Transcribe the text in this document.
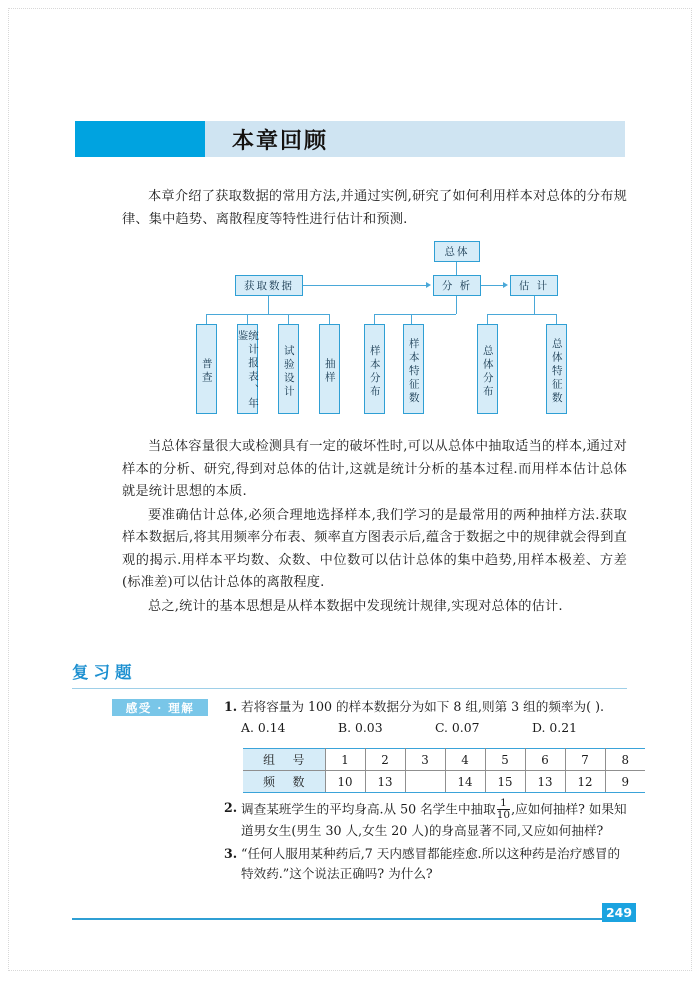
本章回顾

本章介绍了获取数据的常用方法,并通过实例,研究了如何利用样本对总体的分布规律、集中趋势、离散程度等特性进行估计和预测.

总体
获取数据	分 析	估 计
普查	统计报表、年鉴
试验设计	抽样	样本分布	样本特征数	总体分布	总体特征数

当总体容量很大或检测具有一定的破坏性时,可以从总体中抽取适当的样本,通过对样本的分析、研究,得到对总体的估计,这就是统计分析的基本过程.而用样本估计总体就是统计思想的本质.

要准确估计总体,必须合理地选择样本,我们学习的是最常用的两种抽样方法.获取样本数据后,将其用频率分布表、频率直方图表示后,蕴含于数据之中的规律就会得到直观的揭示.用样本平均数、众数、中位数可以估计总体的集中趋势,用样本极差、方差(标准差)可以估计总体的离散程度.

总之,统计的基本思想是从样本数据中发现统计规律,实现对总体的估计.

复习题
感受 · 理解	1. 若将容量为 100 的样本数据分为如下 8 组,则第 3 组的频率为( ).
A. 0.14	B. 0.03	C. 0.07	D. 0.21
2. 调查某班学生的平均身高.从 50 名学生中抽取 $\frac{1}{10}$ ,应如何抽样? 如果知道男女生(男生 30 人,女生 20 人)的身高显著不同,又应如何抽样?
3. “任何人服用某种药后,7 天内感冒都能痊愈.所以这种药是治疗感冒的特效药.”这个说法正确吗? 为什么?
组 号	1	2	3	4	5	6	7	8
频 数	10	13		14	15	13	12	9
249
